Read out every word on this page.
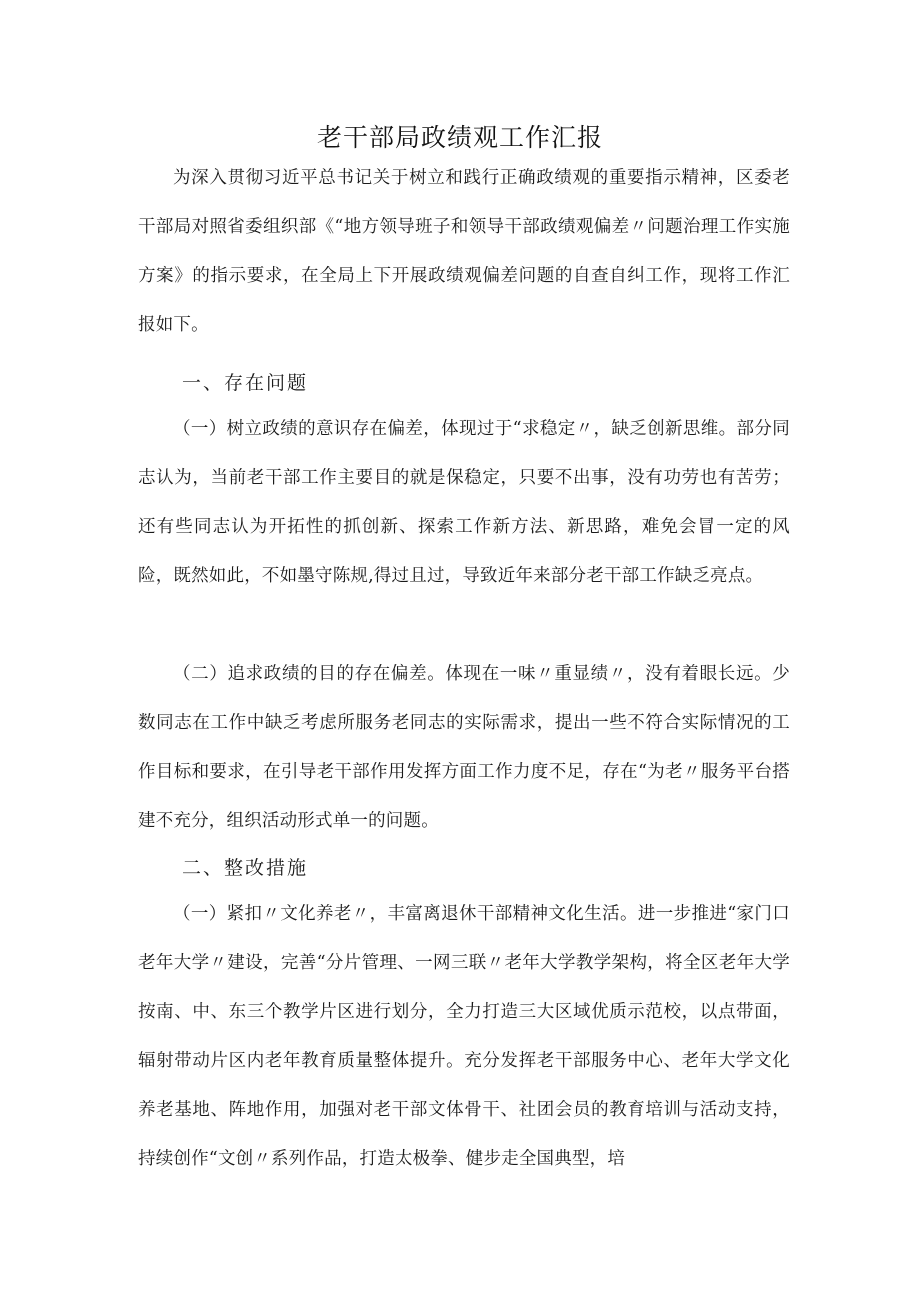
老干部局政绩观工作汇报

为深入贯彻习近平总书记关于树立和践行正确政绩观的重要指示精神，区委老干部局对照省委组织部《“地方领导班子和领导干部政绩观偏差〃问题治理工作实施方案》的指示要求，在全局上下开展政绩观偏差问题的自查自纠工作，现将工作汇报如下。

一、存在问题

（一）树立政绩的意识存在偏差，体现过于“求稳定〃，缺乏创新思维。部分同志认为，当前老干部工作主要目的就是保稳定，只要不出事，没有功劳也有苦劳；还有些同志认为开拓性的抓创新、探索工作新方法、新思路，难免会冒一定的风险，既然如此，不如墨守陈规,得过且过，导致近年来部分老干部工作缺乏亮点。

（二）追求政绩的目的存在偏差。体现在一味〃重显绩〃，没有着眼长远。少数同志在工作中缺乏考虑所服务老同志的实际需求，提出一些不符合实际情况的工作目标和要求，在引导老干部作用发挥方面工作力度不足，存在“为老〃服务平台搭建不充分，组织活动形式单一的问题。

二、整改措施

（一）紧扣〃文化养老〃，丰富离退休干部精神文化生活。进一步推进“家门口老年大学〃建设，完善“分片管理、一网三联〃老年大学教学架构，将全区老年大学按南、中、东三个教学片区进行划分，全力打造三大区域优质示范校，以点带面，辐射带动片区内老年教育质量整体提升。充分发挥老干部服务中心、老年大学文化养老基地、阵地作用，加强对老干部文体骨干、社团会员的教育培训与活动支持，持续创作“文创〃系列作品，打造太极拳、健步走全国典型，培
